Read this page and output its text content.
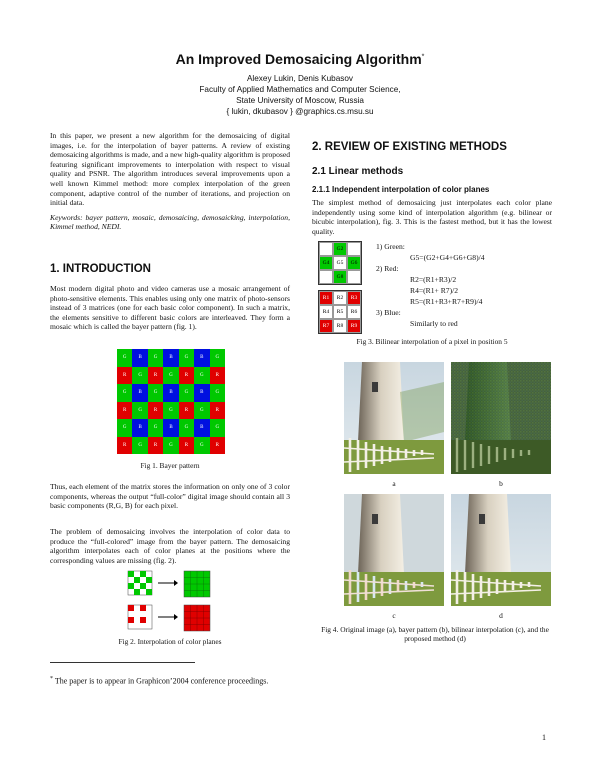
An Improved Demosaicing Algorithm*
Alexey Lukin, Denis Kubasov
Faculty of Applied Mathematics and Computer Science,
State University of Moscow, Russia
{ lukin, dkubasov } @graphics.cs.msu.su

In this paper, we present a new algorithm for the demosaicing of digital images, i.e. for the interpolation of bayer patterns. A review of existing demosaicing algorithms is made, and a new high-quality algorithm is proposed featuring significant improvements to interpolation with respect to visual quality and PSNR. The algorithm introduces several improvements upon a well known Kimmel method: more complex interpolation of the green component, adaptive control of the number of iterations, and projection on initial data.

Keywords: bayer pattern, mosaic, demosaicing, demosaicking, interpolation, Kimmel method, NEDI.

1. INTRODUCTION
Most modern digital photo and video cameras use a mosaic arrangement of photo-sensitive elements. This enables using only one matrix of photo-sensors instead of 3 matrices (one for each basic color component). In such a matrix, the elements sensitive to different basic colors are interleaved. They form a mosaic which is called the bayer pattern (fig. 1).
G	B	G	B	G	B	G
R	G	R	G	R	G	R
G	B	G	B	G	B	G
R	G	R	G	R	G	R
G	B	G	B	G	B	G
R	G	R	G	R	G	R
Fig 1. Bayer pattern
Thus, each element of the matrix stores the information on only one of 3 color components, whereas the output “full-color” digital image should contain all 3 basic components (R,G, B) for each pixel.
The problem of demosaicing involves the interpolation of color data to produce the “full-colored” image from the bayer pattern. The demosaicing algorithm interpolates each of color planes at the positions where the corresponding values are missing (fig. 2).
Fig 2. Interpolation of color planes
2. REVIEW OF EXISTING METHODS
2.1 Linear methods
2.1.1 Independent interpolation of color planes
The simplest method of demosaicing just interpolates each color plane independently using some kind of interpolation algorithm (e.g. bilinear or bicubic interpolation), fig. 3. This is the fastest method, but it has the lowest quality.
G2
G4	G5	G6
G8
R1	R2	R3
R4	R5	R6
R7	R8	R9
1) Green:
G5=(G2+G4+G6+G8)/4
2) Red:
R2=(R1+R3)/2
R4=(R1+ R7)/2
R5=(R1+R3+R7+R9)/4
3) Blue:
Similarly to red
Fig 3. Bilinear interpolation of a pixel in position 5
a	b
c	d
Fig 4. Original image (a), bayer pattern (b), bilinear interpolation (c), and the proposed method (d)
* The paper is to appear in Graphicon’2004 conference proceedings.
1
